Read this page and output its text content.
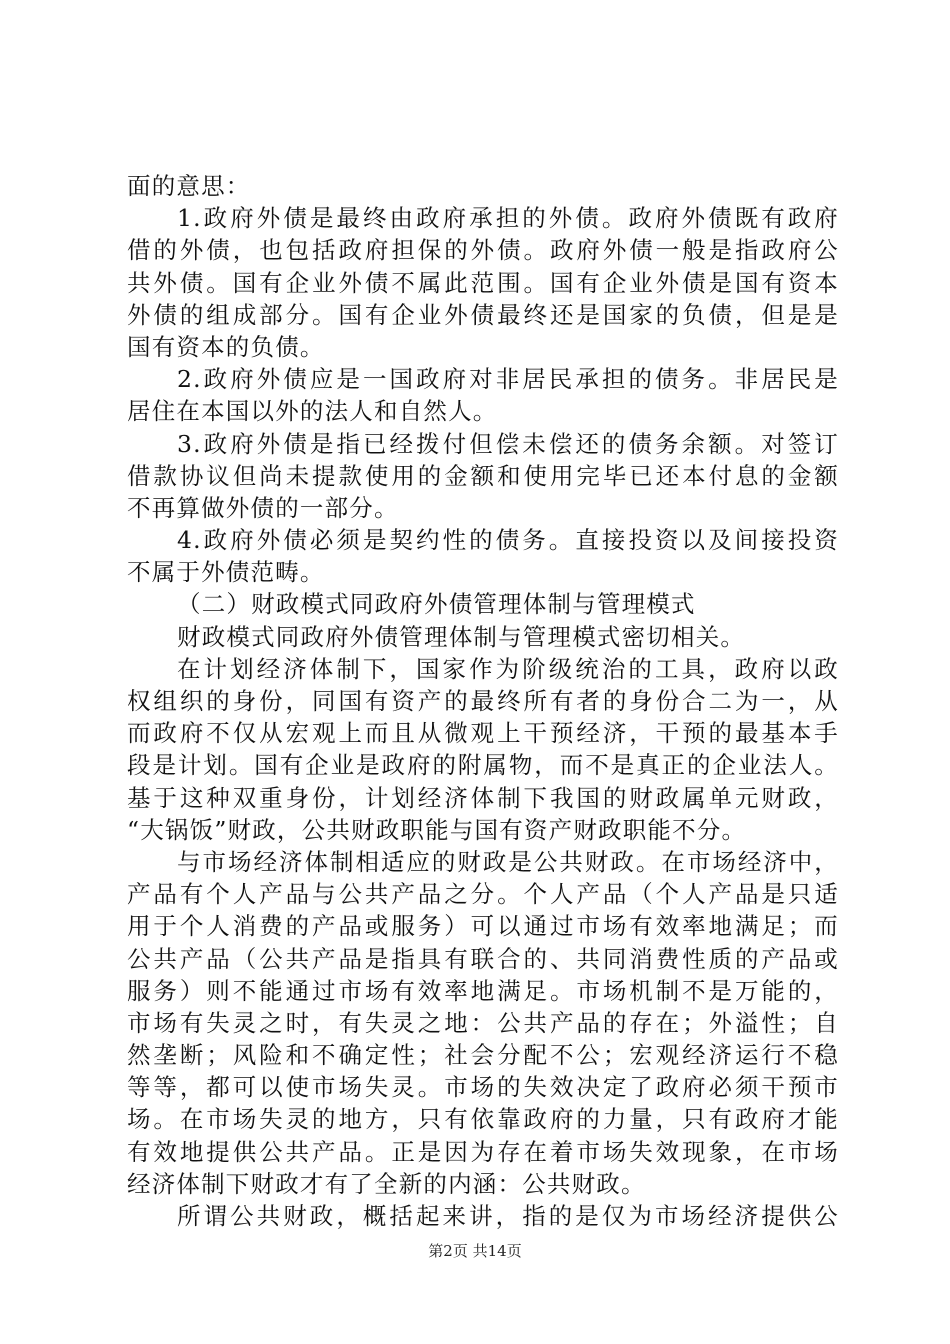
面的意思：
1.政府外债是最终由政府承担的外债。政府外债既有政府
借的外债，也包括政府担保的外债。政府外债一般是指政府公
共外债。国有企业外债不属此范围。国有企业外债是国有资本
外债的组成部分。国有企业外债最终还是国家的负债，但是是
国有资本的负债。
2.政府外债应是一国政府对非居民承担的债务。非居民是
居住在本国以外的法人和自然人。
3.政府外债是指已经拨付但偿未偿还的债务余额。对签订
借款协议但尚未提款使用的金额和使用完毕已还本付息的金额
不再算做外债的一部分。
4.政府外债必须是契约性的债务。直接投资以及间接投资
不属于外债范畴。
（二）财政模式同政府外债管理体制与管理模式
财政模式同政府外债管理体制与管理模式密切相关。
在计划经济体制下，国家作为阶级统治的工具，政府以政
权组织的身份，同国有资产的最终所有者的身份合二为一，从
而政府不仅从宏观上而且从微观上干预经济，干预的最基本手
段是计划。国有企业是政府的附属物，而不是真正的企业法人。
基于这种双重身份，计划经济体制下我国的财政属单元财政，
“大锅饭”财政，公共财政职能与国有资产财政职能不分。
与市场经济体制相适应的财政是公共财政。在市场经济中，
产品有个人产品与公共产品之分。个人产品（个人产品是只适
用于个人消费的产品或服务）可以通过市场有效率地满足；而
公共产品（公共产品是指具有联合的、共同消费性质的产品或
服务）则不能通过市场有效率地满足。市场机制不是万能的，
市场有失灵之时，有失灵之地：公共产品的存在；外溢性；自
然垄断；风险和不确定性；社会分配不公；宏观经济运行不稳
等等，都可以使市场失灵。市场的失效决定了政府必须干预市
场。在市场失灵的地方，只有依靠政府的力量，只有政府才能
有效地提供公共产品。正是因为存在着市场失效现象，在市场
经济体制下财政才有了全新的内涵：公共财政。
所谓公共财政，概括起来讲，指的是仅为市场经济提供公
第2页 共14页
